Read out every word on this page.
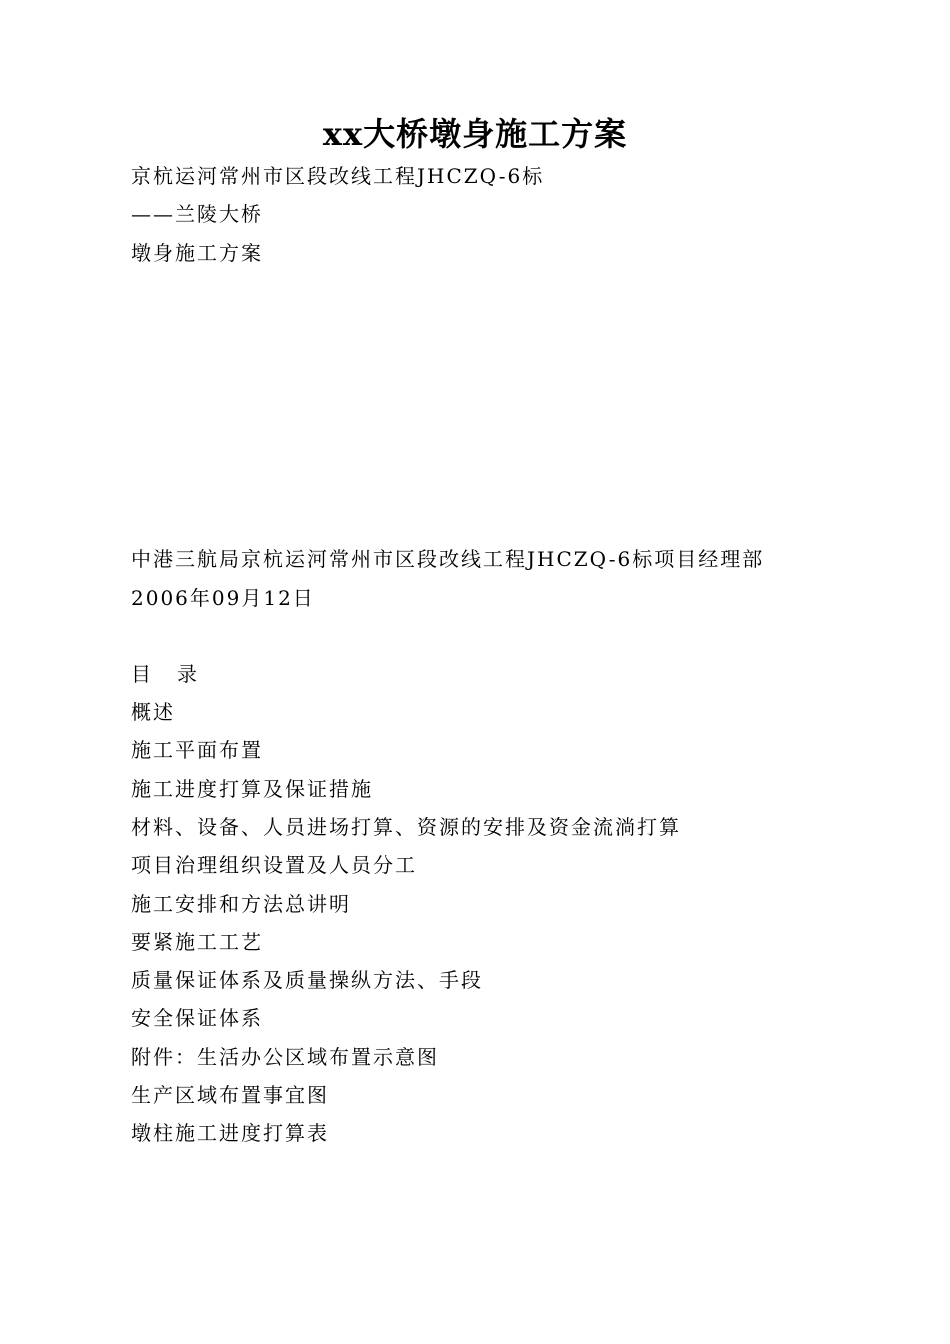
xx大桥墩身施工方案
京杭运河常州市区段改线工程JHCZQ-6标
——兰陵大桥
墩身施工方案
中港三航局京杭运河常州市区段改线工程JHCZQ-6标项目经理部
2006年09月12日
目 录
概述
施工平面布置
施工进度打算及保证措施
材料、设备、人员进场打算、资源的安排及资金流淌打算
项目治理组织设置及人员分工
施工安排和方法总讲明
要紧施工工艺
质量保证体系及质量操纵方法、手段
安全保证体系
附件：生活办公区域布置示意图
生产区域布置事宜图
墩柱施工进度打算表
